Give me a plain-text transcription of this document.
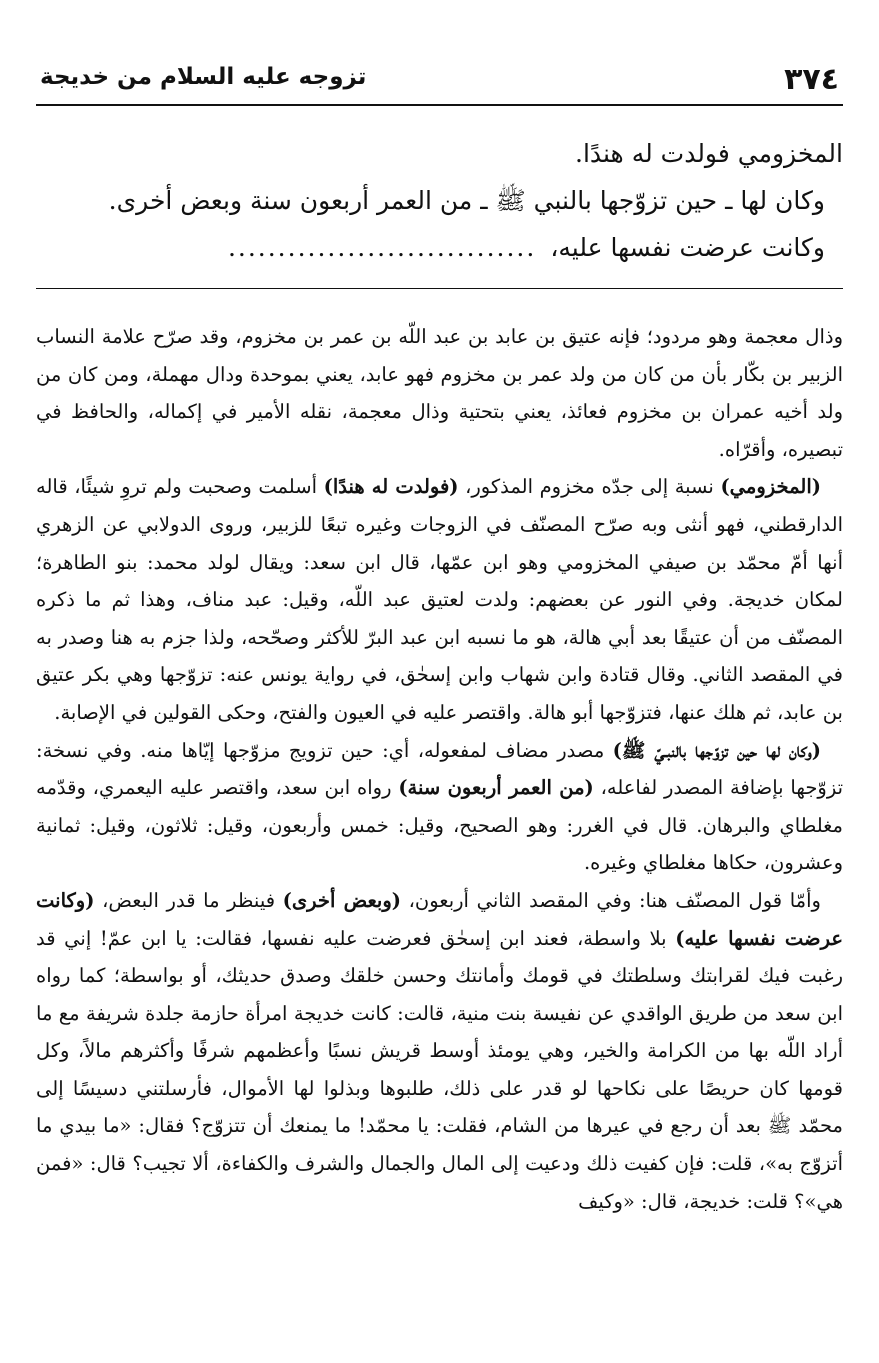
٣٧٤
تزوجه عليه السلام من خديجة
المخزومي فولدت له هندًا.
وكان لها ـ حين تزوّجها بالنبي ﷺ ـ من العمر أربعون سنة وبعض أخرى.
وكانت عرضت نفسها عليه،...............................

وذال معجمة وهو مردود؛ فإنه عتيق بن عابد بن عبد اللّه بن عمر بن مخزوم، وقد صرّح علامة النساب الزبير بن بكّار بأن من كان من ولد عمر بن مخزوم فهو عابد، يعني بموحدة ودال مهملة، ومن كان من ولد أخيه عمران بن مخزوم فعائذ، يعني بتحتية وذال معجمة، نقله الأمير في إكماله، والحافظ في تبصيره، وأقرّاه.

(المخزومي) نسبة إلى جدّه مخزوم المذكور، (فولدت له هندًا) أسلمت وصحبت ولم تروِ شيئًا، قاله الدارقطني، فهو أنثى وبه صرّح المصنّف في الزوجات وغيره تبعًا للزبير، وروى الدولابي عن الزهري أنها أمّ محمّد بن صيفي المخزومي وهو ابن عمّها، قال ابن سعد: ويقال لولد محمد: بنو الطاهرة؛ لمكان خديجة. وفي النور عن بعضهم: ولدت لعتيق عبد اللّه، وقيل: عبد مناف، وهذا ثم ما ذكره المصنّف من أن عتيقًا بعد أبي هالة، هو ما نسبه ابن عبد البرّ للأكثر وصحّحه، ولذا جزم به هنا وصدر به في المقصد الثاني. وقال قتادة وابن شهاب وابن إسحٰق، في رواية يونس عنه: تزوّجها وهي بكر عتيق بن عابد، ثم هلك عنها، فتزوّجها أبو هالة. واقتصر عليه في العيون والفتح، وحكى القولين في الإصابة.

(وكان لها حين تزوّجها بالنبـيّ ﷺ) مصدر مضاف لمفعوله، أي: حين تزويج مزوّجها إيّاها منه. وفي نسخة: تزوّجها بإضافة المصدر لفاعله، (من العمر أربعون سنة) رواه ابن سعد، واقتصر عليه اليعمري، وقدّمه مغلطاي والبرهان. قال في الغرر: وهو الصحيح، وقيل: خمس وأربعون، وقيل: ثلاثون، وقيل: ثمانية وعشرون، حكاها مغلطاي وغيره.

وأمّا قول المصنّف هنا: وفي المقصد الثاني أربعون، (وبعض أخرى) فينظر ما قدر البعض، (وكانت عرضت نفسها عليه) بلا واسطة، فعند ابن إسحٰق فعرضت عليه نفسها، فقالت: يا ابن عمّ! إني قد رغبت فيك لقرابتك وسلطتك في قومك وأمانتك وحسن خلقك وصدق حديثك، أو بواسطة؛ كما رواه ابن سعد من طريق الواقدي عن نفيسة بنت منية، قالت: كانت خديجة امرأة حازمة جلدة شريفة مع ما أراد اللّه بها من الكرامة والخير، وهي يومئذ أوسط قريش نسبًا وأعظمهم شرفًا وأكثرهم مالاً، وكل قومها كان حريصًا على نكاحها لو قدر على ذلك، طلبوها وبذلوا لها الأموال، فأرسلتني دسيسًا إلى محمّد ﷺ بعد أن رجع في عيرها من الشام، فقلت: يا محمّد! ما يمنعك أن تتزوّج؟ فقال: «ما بيدي ما أتزوّج به»، قلت: فإن كفيت ذلك ودعيت إلى المال والجمال والشرف والكفاءة، ألا تجيب؟ قال: «فمن هي»؟ قلت: خديجة، قال: «وكيف
